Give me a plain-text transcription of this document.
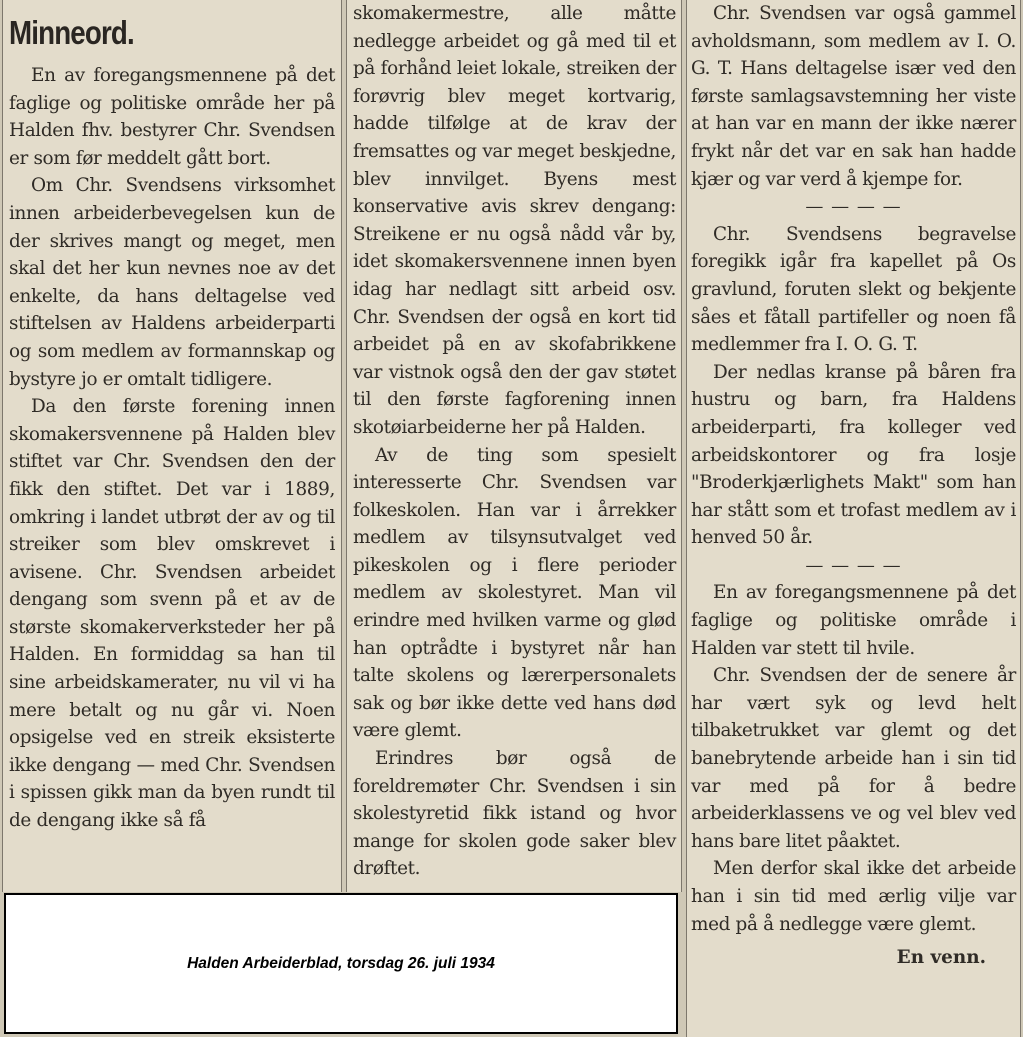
Minneord.

En av foregangsmennene på det faglige og politiske område her på Halden fhv. bestyrer Chr. Svendsen er som før meddelt gått bort.

Om Chr. Svendsens virksomhet innen arbeiderbevegelsen kun de der skrives mangt og meget, men skal det her kun nevnes noe av det enkelte, da hans deltagelse ved stiftelsen av Haldens arbeiderparti og som medlem av formannskap og bystyre jo er omtalt tidligere.

Da den første forening innen skomakersvennene på Halden blev stiftet var Chr. Svendsen den der fikk den stiftet. Det var i 1889, omkring i landet utbrøt der av og til streiker som blev omskrevet i avisene. Chr. Svendsen arbeidet dengang som svenn på et av de største skomakerverksteder her på Halden. En formiddag sa han til sine arbeidskamerater, nu vil vi ha mere betalt og nu går vi. Noen opsigelse ved en streik eksisterte ikke dengang — med Chr. Svendsen i spissen gikk man da byen rundt til de dengang ikke så få

skomakermestre, alle måtte nedlegge arbeidet og gå med til et på forhånd leiet lokale, streiken der forøvrig blev meget kortvarig, hadde tilfølge at de krav der fremsattes og var meget beskjedne, blev innvilget. Byens mest konservative avis skrev dengang: Streikene er nu også nådd vår by, idet skomakersvennene innen byen idag har nedlagt sitt arbeid osv. Chr. Svendsen der også en kort tid arbeidet på en av skofabrikkene var vistnok også den der gav støtet til den første fagforening innen skotøiarbeiderne her på Halden.

Av de ting som spesielt interesserte Chr. Svendsen var folkeskolen. Han var i årrekker medlem av tilsynsutvalget ved pikeskolen og i flere perioder medlem av skolestyret. Man vil erindre med hvilken varme og glød han optrådte i bystyret når han talte skolens og lærerpersonalets sak og bør ikke dette ved hans død være glemt.

Erindres bør også de foreldremøter Chr. Svendsen i sin skolestyretid fikk istand og hvor mange for skolen gode saker blev drøftet.

Chr. Svendsen var også gammel avholdsmann, som medlem av I. O. G. T. Hans deltagelse især ved den første samlagsavstemning her viste at han var en mann der ikke nærer frykt når det var en sak han hadde kjær og var verd å kjempe for.

— — — —

Chr. Svendsens begravelse foregikk igår fra kapellet på Os gravlund, foruten slekt og bekjente såes et fåtall partifeller og noen få medlemmer fra I. O. G. T.

Der nedlas kranse på båren fra hustru og barn, fra Haldens arbeiderparti, fra kolleger ved arbeidskontorer og fra losje "Broderkjærlighets Makt" som han har stått som et trofast medlem av i henved 50 år.

— — — —

En av foregangsmennene på det faglige og politiske område i Halden var stett til hvile.

Chr. Svendsen der de senere år har vært syk og levd helt tilbaketrukket var glemt og det banebrytende arbeide han i sin tid var med på for å bedre arbeiderklassens ve og vel blev ved hans bare litet påaktet.

Men derfor skal ikke det arbeide han i sin tid med ærlig vilje var med på å nedlegge være glemt.

En venn.
Halden Arbeiderblad, torsdag 26. juli 1934
